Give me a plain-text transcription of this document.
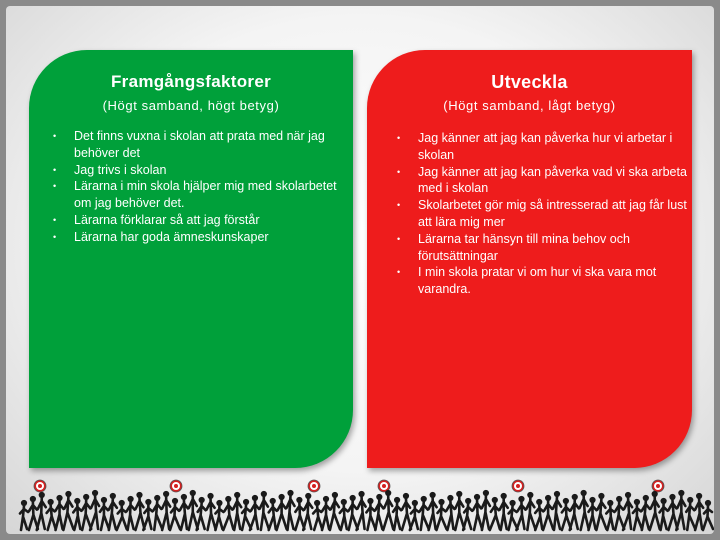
Framgångsfaktorer
(Högt samband, högt betyg)
• Det finns vuxna i skolan att prata med när jag behöver det
• Jag trivs i skolan
• Lärarna i min skola hjälper mig med skolarbetet om jag behöver det.
• Lärarna förklarar så att jag förstår
• Lärarna har goda ämneskunskaper
Utveckla
(Högt samband, lågt betyg)
• Jag känner att jag kan påverka hur vi arbetar i skolan
• Jag känner att jag kan påverka vad vi ska arbeta med i skolan
• Skolarbetet gör mig så intresserad att jag får lust att lära mig mer
• Lärarna tar hänsyn till mina behov och förutsättningar
• I min skola pratar vi om hur vi ska vara mot varandra.
